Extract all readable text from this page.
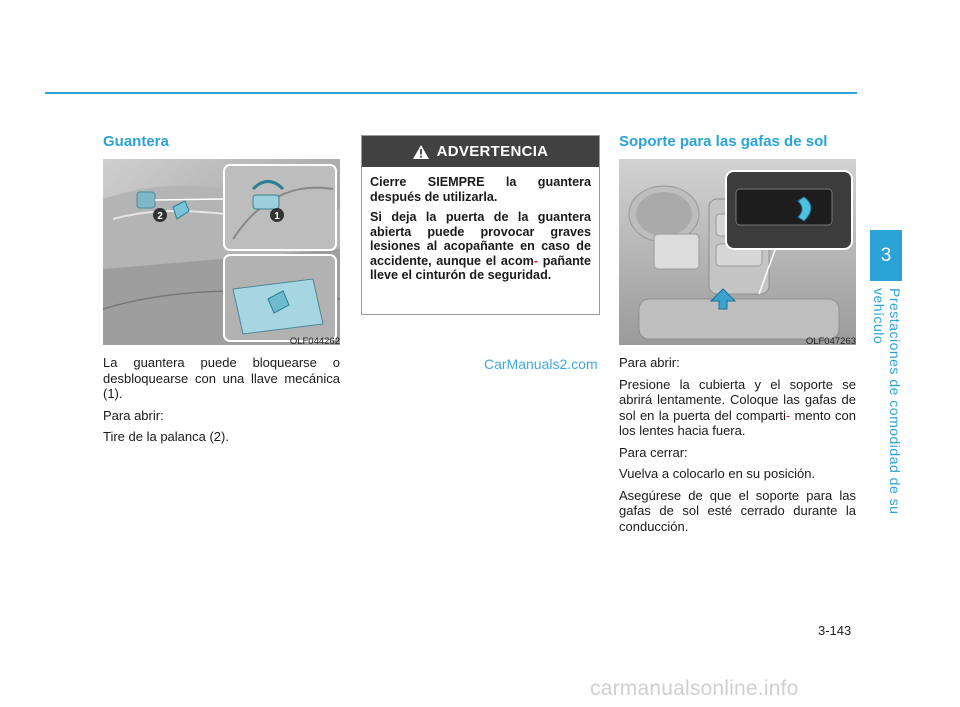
Guantera
2	1
OLF044262

La guantera puede bloquearse o desbloquearse con una llave mecánica (1).

Para abrir:

Tire de la palanca (2).

ADVERTENCIA

Cierre SIEMPRE la guantera después de utilizarla.

Si deja la puerta de la guantera abierta puede provocar graves lesiones al acopañante en caso de accidente, aunque el acom- pañante lleve el cinturón de seguridad.

CarManuals2.com
Soporte para las gafas de sol
OLF047263

Para abrir:

Presione la cubierta y el soporte se abrirá lentamente. Coloque las gafas de sol en la puerta del comparti- mento con los lentes hacia fuera.

Para cerrar:

Vuelva a colocarlo en su posición.

Asegúrese de que el soporte para las gafas de sol esté cerrado durante la conducción.

3
Prestaciones de comodidad de su vehículo
3-143
carmanualsonline.info
